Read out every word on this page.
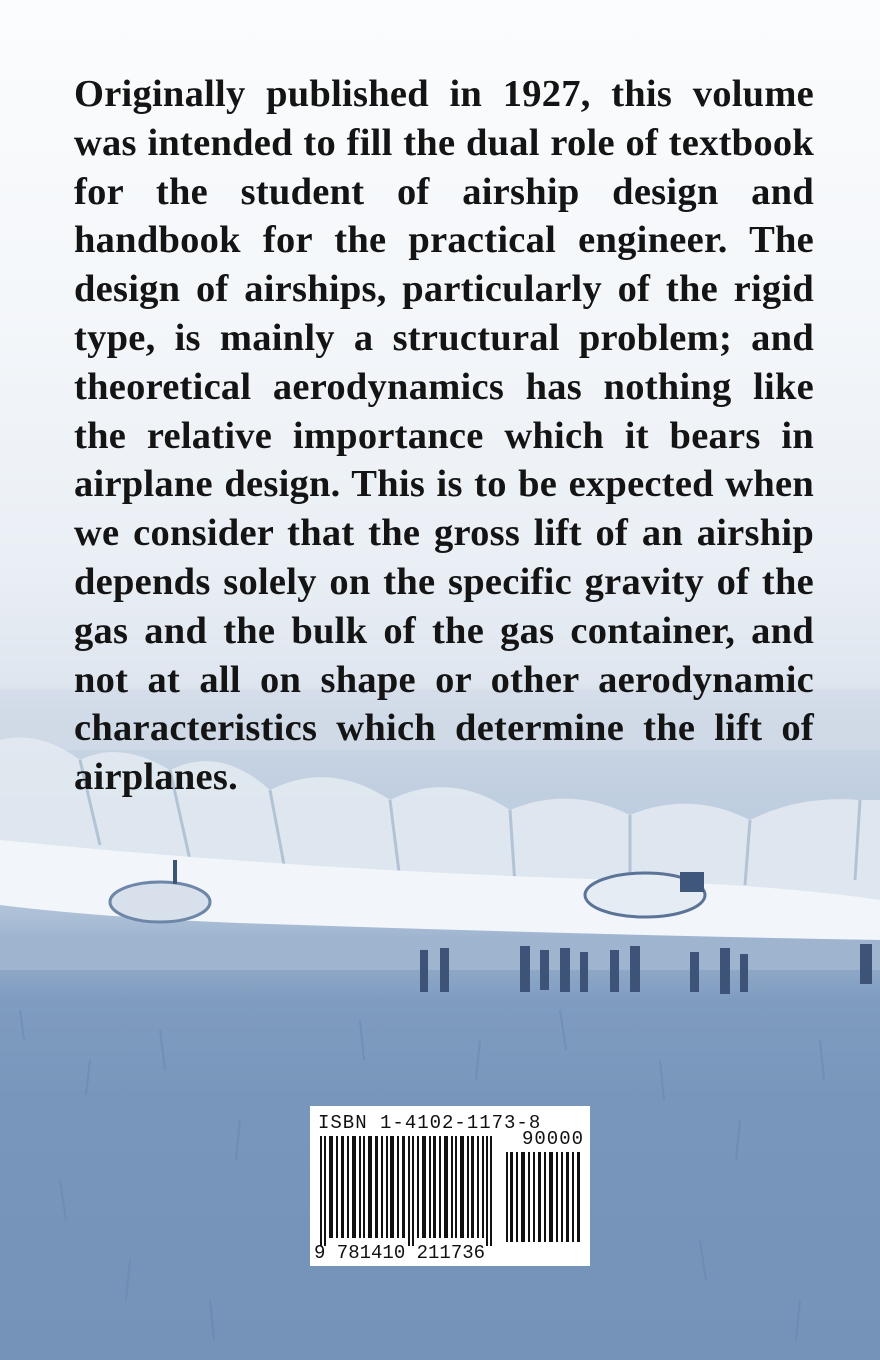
Originally published in 1927, this volume was intended to fill the dual role of textbook for the student of airship design and handbook for the practical engineer. The design of airships, particularly of the rigid type, is mainly a structural problem; and theoretical aerodynamics has nothing like the relative importance which it bears in airplane design. This is to be expected when we consider that the gross lift of an airship depends solely on the specific gravity of the gas and the bulk of the gas container, and not at all on shape or other aerodynamic characteristics which determine the lift of airplanes.

ISBN 1-4102-1173-8
90000
9 781410 211736
